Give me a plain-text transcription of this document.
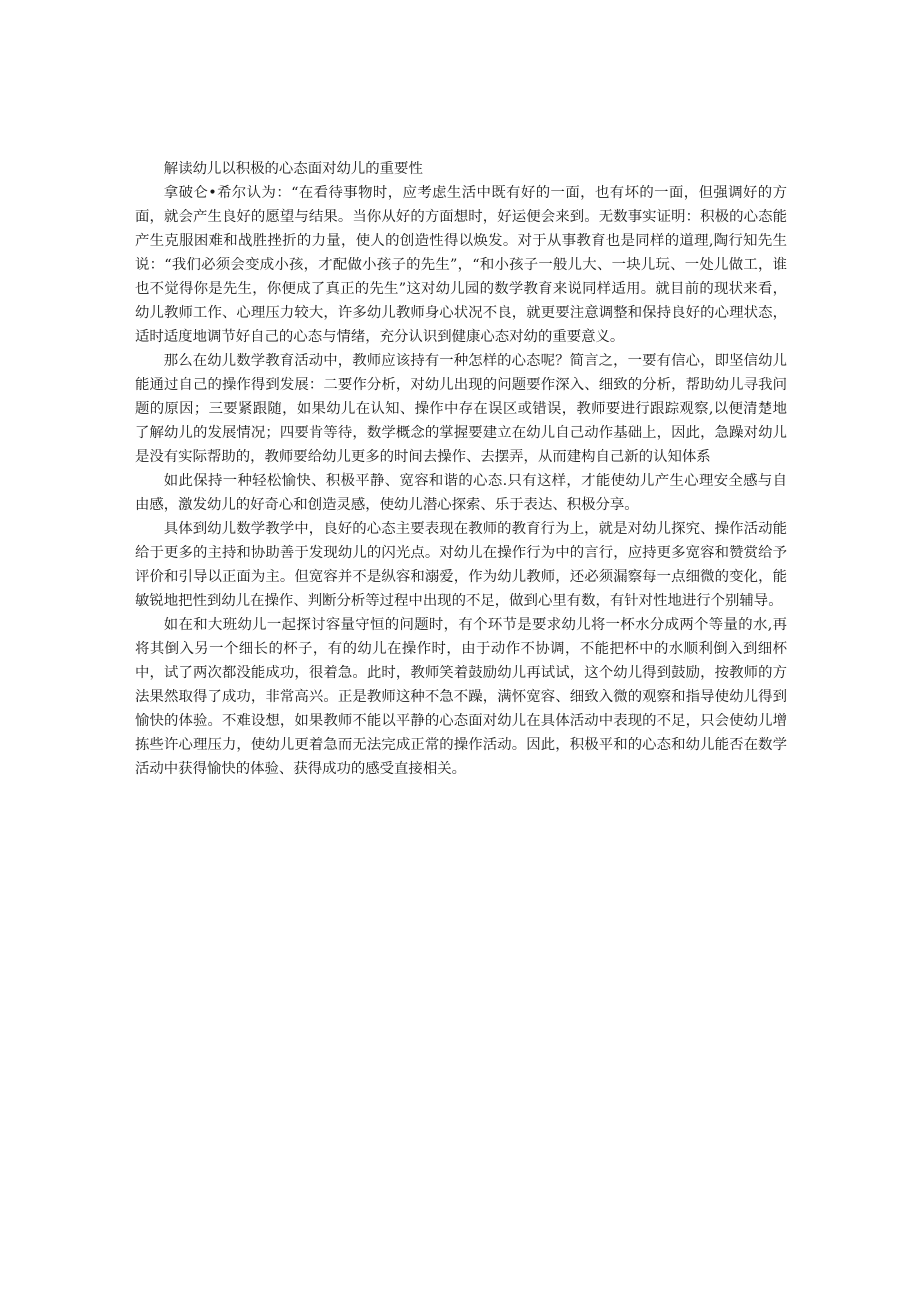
解读幼儿以积极的心态面对幼儿的重要性

拿破仑•希尔认为：“在看待事物时，应考虑生活中既有好的一面，也有坏的一面，但强调好的方面，就会产生良好的愿望与结果。当你从好的方面想时，好运便会来到。无数事实证明：积极的心态能产生克服困难和战胜挫折的力量，使人的创造性得以焕发。对于从事教育也是同样的道理,陶行知先生说：“我们必须会变成小孩，才配做小孩子的先生”，“和小孩子一般儿大、一块儿玩、一处儿做工，谁也不觉得你是先生，你便成了真正的先生”这对幼儿园的数学教育来说同样适用。就目前的现状来看，幼儿教师工作、心理压力较大，许多幼儿教师身心状况不良，就更要注意调整和保持良好的心理状态，适时适度地调节好自己的心态与情绪，充分认识到健康心态对幼的重要意义。

那么在幼儿数学教育活动中，教师应该持有一种怎样的心态呢？简言之，一要有信心，即坚信幼儿能通过自己的操作得到发展：二要作分析，对幼儿出现的问题要作深入、细致的分析，帮助幼儿寻我问题的原因；三要紧跟随，如果幼儿在认知、操作中存在误区或错误，教师要进行跟踪观察,以便清楚地了解幼儿的发展情况；四要肯等待，数学概念的掌握要建立在幼儿自己动作基础上，因此，急躁对幼儿是没有实际帮助的，教师要给幼儿更多的时间去操作、去摆弄，从而建构自己新的认知体系

如此保持一种轻松愉快、积极平静、宽容和谐的心态.只有这样，才能使幼儿产生心理安全感与自由感，激发幼儿的好奇心和创造灵感，使幼儿潜心探索、乐于表达、积极分享。

具体到幼儿数学教学中，良好的心态主要表现在教师的教育行为上，就是对幼儿探究、操作活动能给于更多的主持和协助善于发现幼儿的闪光点。对幼儿在操作行为中的言行，应持更多宽容和赞赏给予评价和引导以正面为主。但宽容并不是纵容和溺爱，作为幼儿教师，还必须漏察每一点细微的变化，能敏锐地把性到幼儿在操作、判断分析等过程中出现的不足，做到心里有数，有针对性地进行个别辅导。

如在和大班幼儿一起探讨容量守恒的问题时，有个环节是要求幼儿将一杯水分成两个等量的水,再将其倒入另一个细长的杯子，有的幼儿在操作时，由于动作不协调，不能把杯中的水顺利倒入到细杯中，试了两次都没能成功，很着急。此时，教师笑着鼓励幼儿再试试，这个幼儿得到鼓励，按教师的方法果然取得了成功，非常高兴。正是教师这种不急不躁，满怀宽容、细致入微的观察和指导使幼儿得到愉快的体验。不难设想，如果教师不能以平静的心态面对幼儿在具体活动中表现的不足，只会使幼儿增拣些许心理压力，使幼儿更着急而无法完成正常的操作活动。因此，积极平和的心态和幼儿能否在数学活动中获得愉快的体验、获得成功的感受直接相关。
